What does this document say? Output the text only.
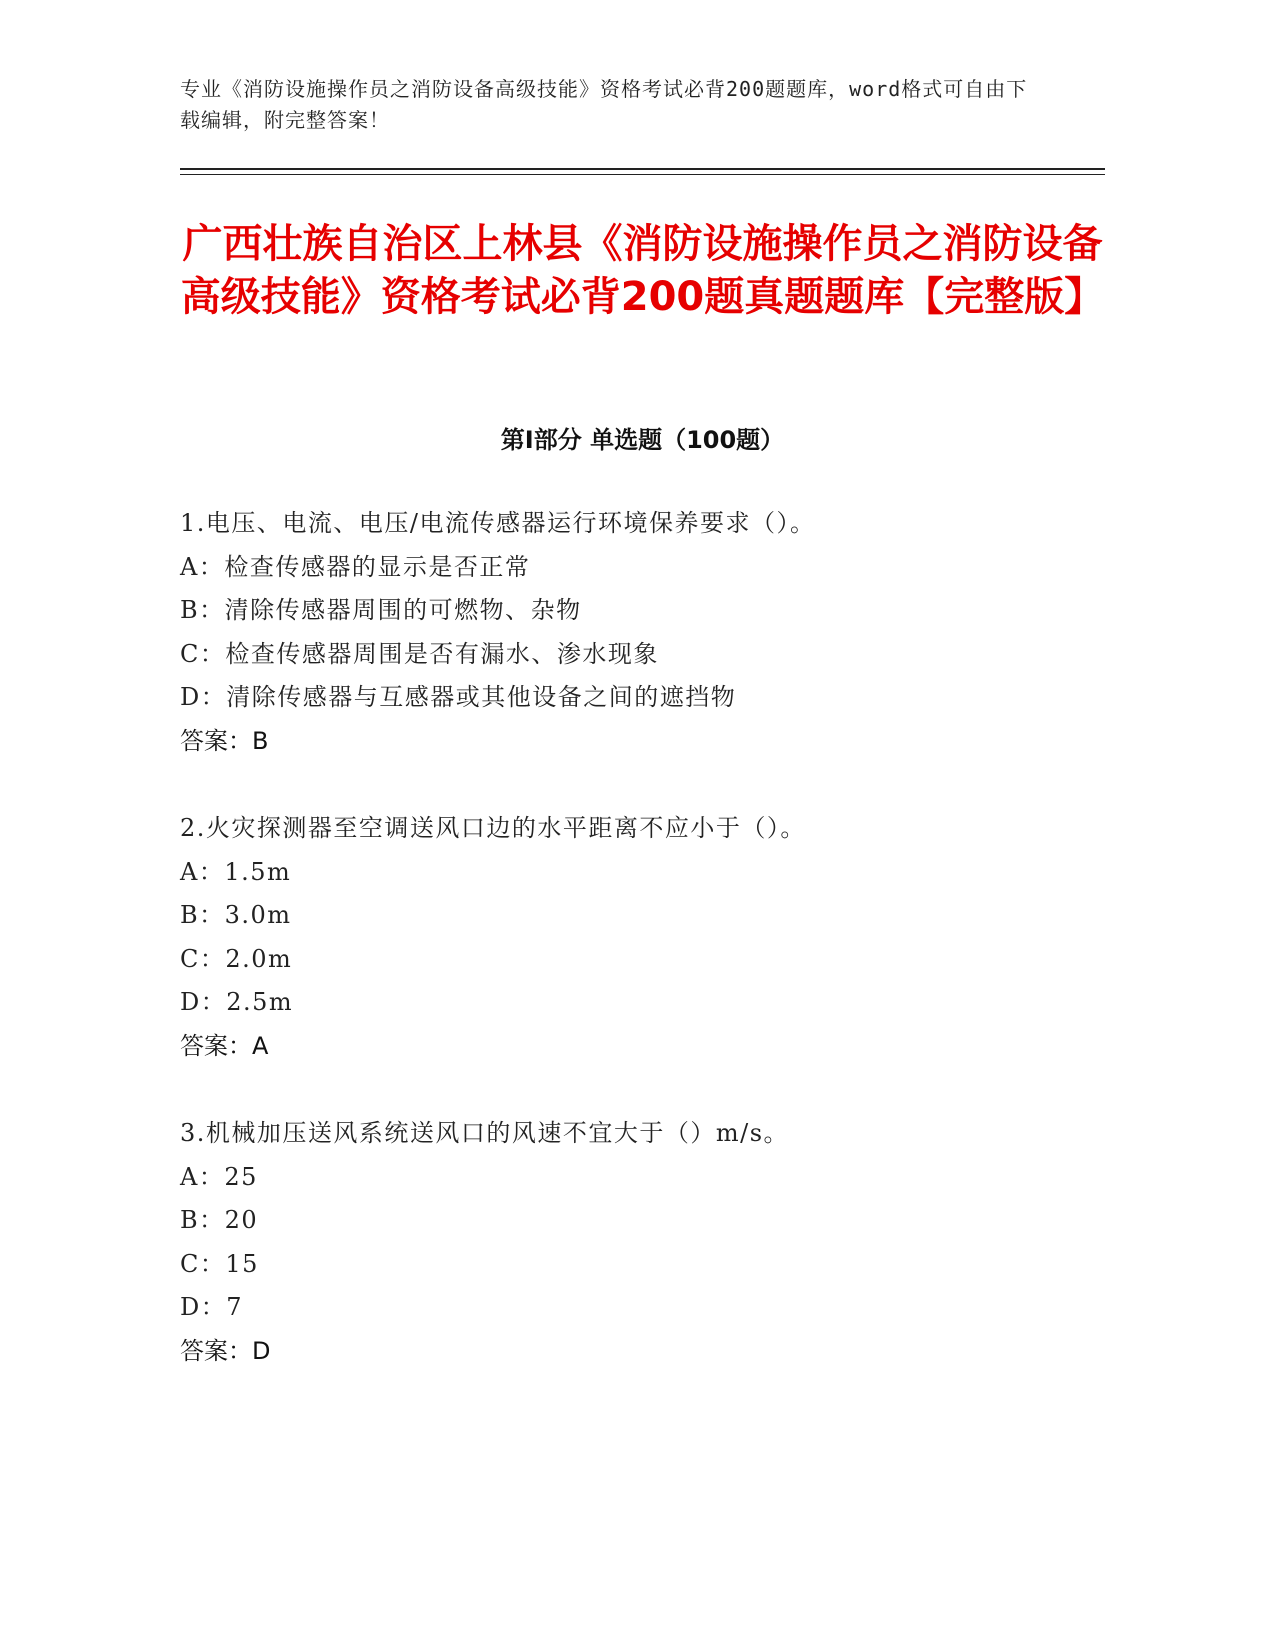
专业《消防设施操作员之消防设备高级技能》资格考试必背200题题库，word格式可自由下载编辑，附完整答案！
广西壮族自治区上林县《消防设施操作员之消防设备高级技能》资格考试必背200题真题题库【完整版】
第Ⅰ部分 单选题（100题）
1.电压、电流、电压/电流传感器运行环境保养要求（）。
A：检查传感器的显示是否正常
B：清除传感器周围的可燃物、杂物
C：检查传感器周围是否有漏水、渗水现象
D：清除传感器与互感器或其他设备之间的遮挡物
答案：B
2.火灾探测器至空调送风口边的水平距离不应小于（）。
A：1.5m
B：3.0m
C：2.0m
D：2.5m
答案：A
3.机械加压送风系统送风口的风速不宜大于（）m/s。
A：25
B：20
C：15
D：7
答案：D
